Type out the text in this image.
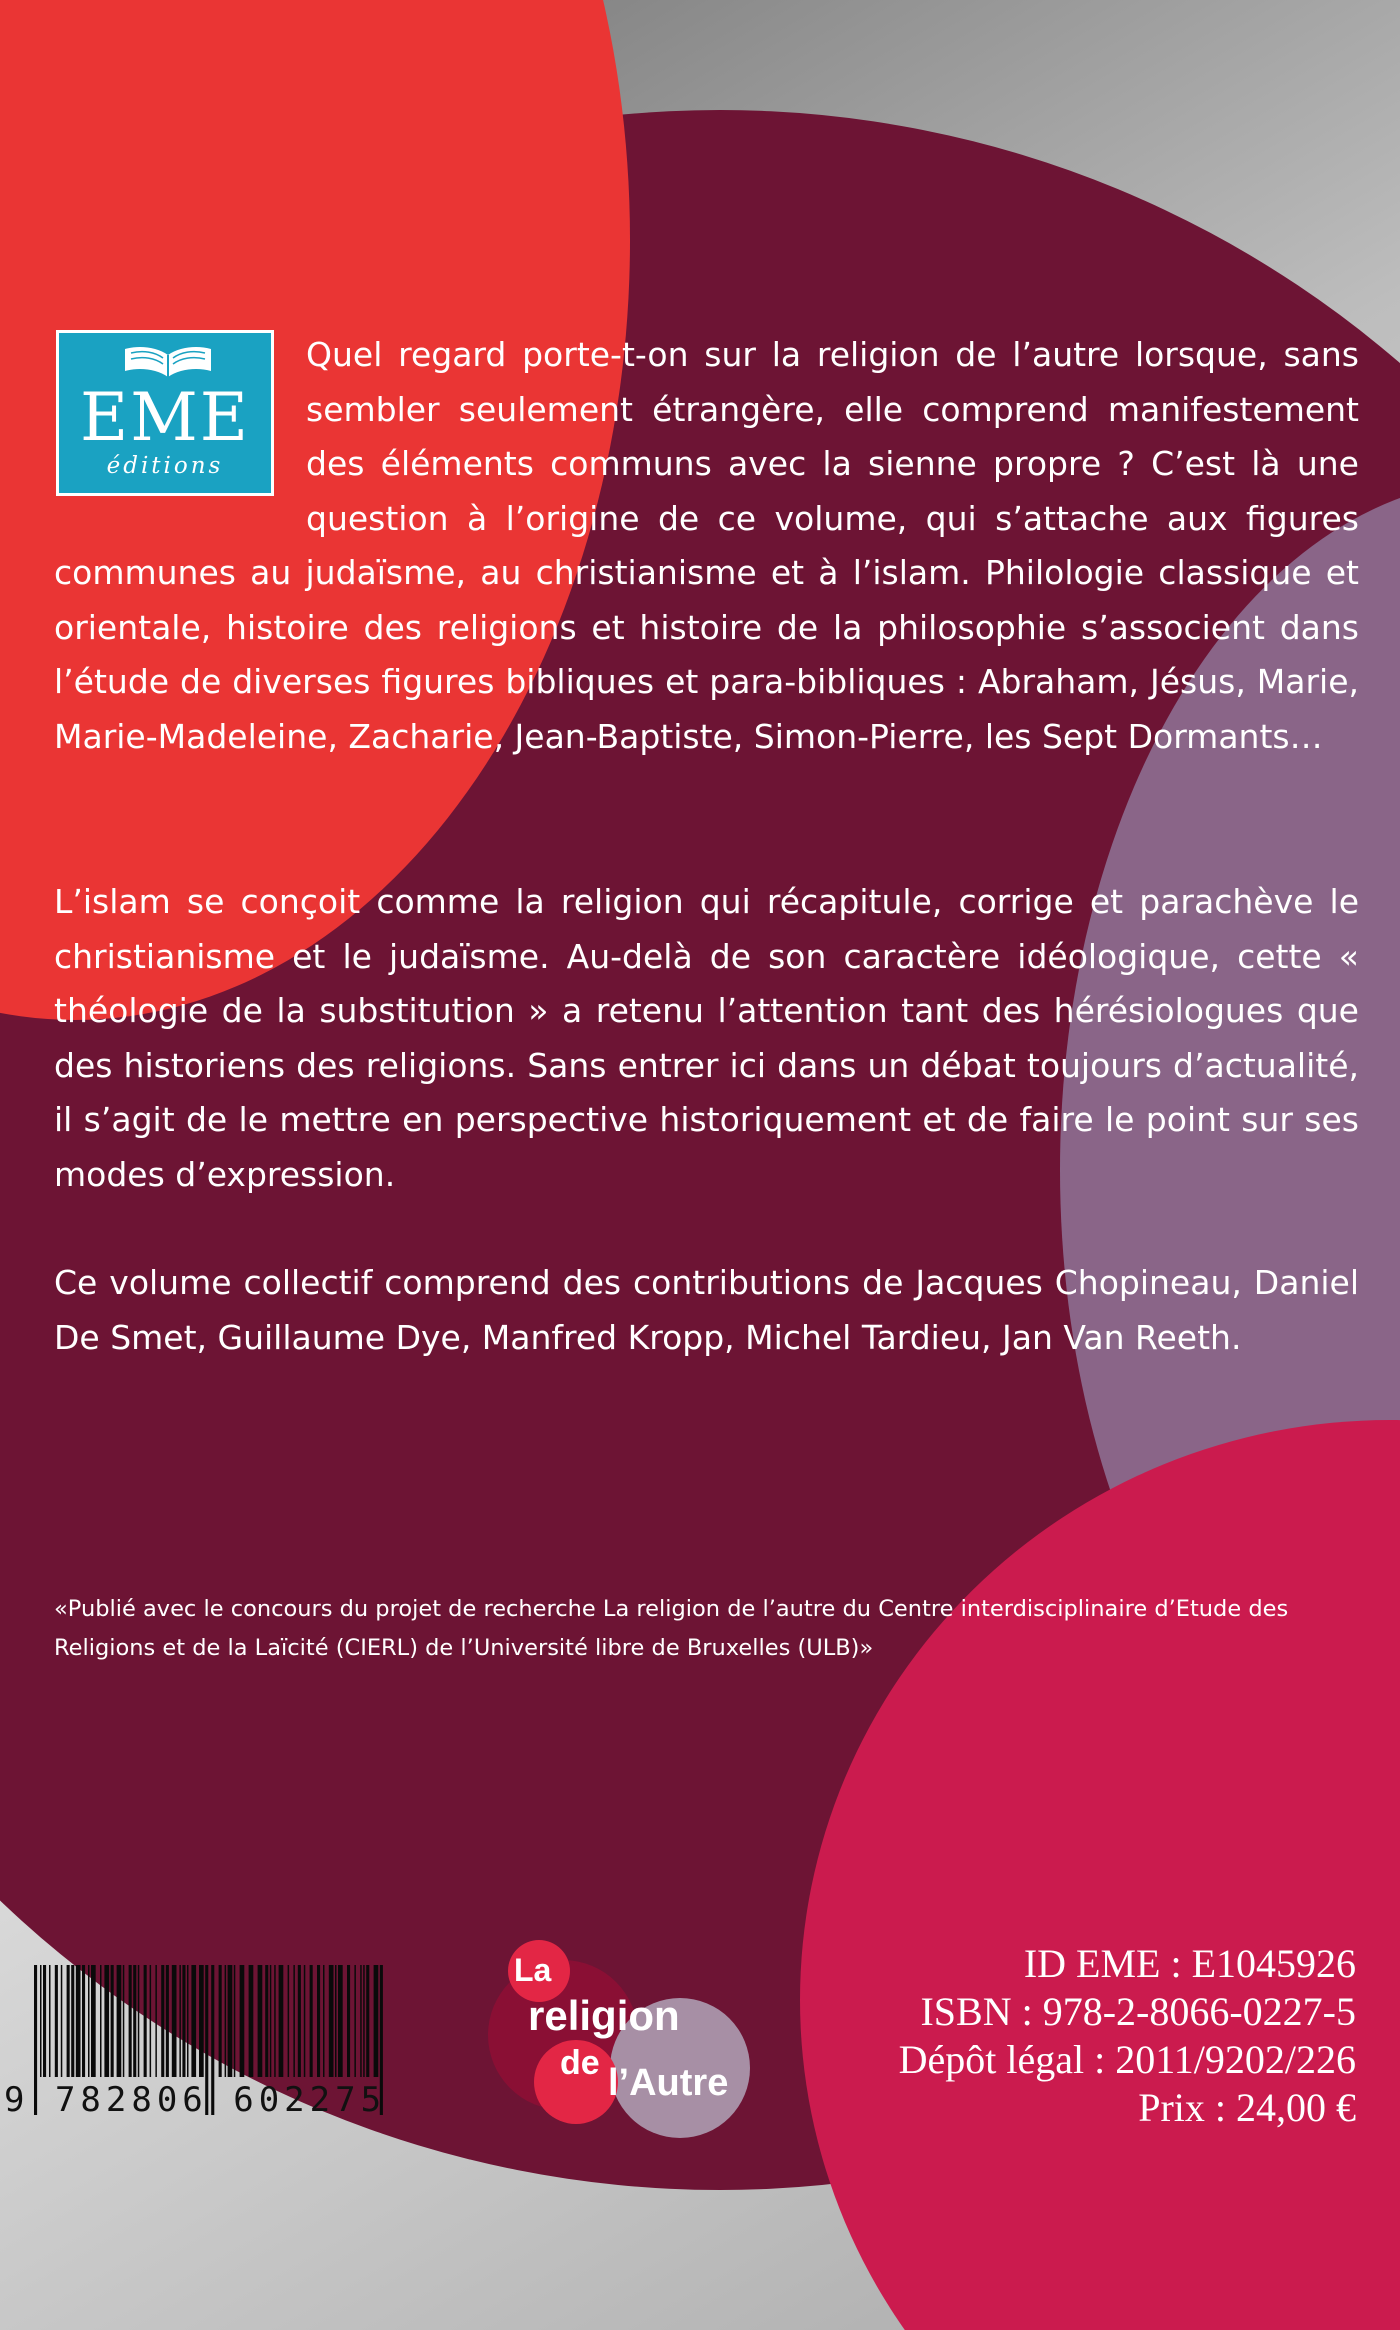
EME
éditions

Quel regard porte-t-on sur la religion de l’autre lorsque, sans sembler seulement étrangère, elle comprend manifestement des éléments communs avec la sienne propre ? C’est là une question à l’origine de ce volume, qui s’attache aux figures communes au judaïsme, au christianisme et à l’islam. Philologie classique et orientale, histoire des religions et histoire de la philosophie s’associent dans l’étude de diverses figures bibliques et para-bibliques : Abraham, Jésus, Marie, Marie-Madeleine, Zacharie, Jean-Baptiste, Simon-Pierre, les Sept Dormants…

L’islam se conçoit comme la religion qui récapitule, corrige et parachève le christianisme et le judaïsme. Au-delà de son caractère idéologique, cette « théologie de la substitution » a retenu l’attention tant des hérésiologues que des historiens des religions. Sans entrer ici dans un débat toujours d’actualité, il s’agit de le mettre en perspective historiquement et de faire le point sur ses modes d’expression.

Ce volume collectif comprend des contributions de Jacques Chopineau, Daniel De Smet, Guillaume Dye, Manfred Kropp, Michel Tardieu, Jan Van Reeth.

«Publié avec le concours du projet de recherche La religion de l’autre du Centre interdisciplinaire d’Etude des Religions et de la Laïcité (CIERL) de l’Université libre de Bruxelles (ULB)»

9 782806 602275
La
religion
de l’Autre
ID EME : E1045926
ISBN : 978-2-8066-0227-5
Dépôt légal : 2011/9202/226
Prix : 24,00 €
